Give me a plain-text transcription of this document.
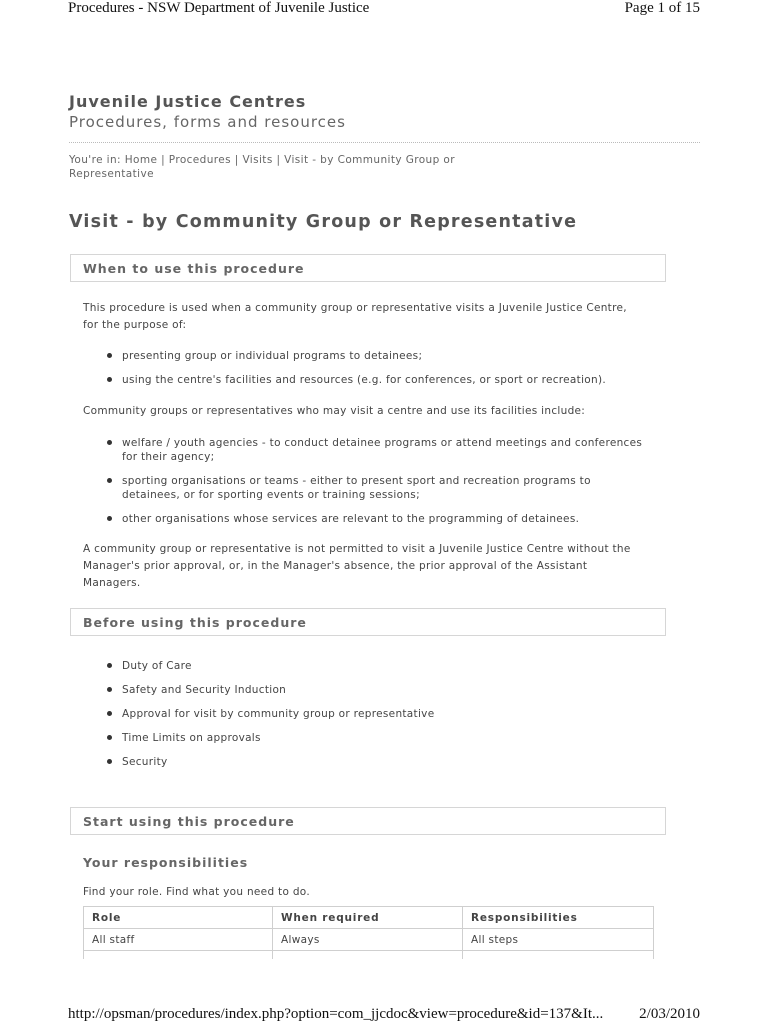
Procedures - NSW Department of Juvenile Justice	Page 1 of 15
Juvenile Justice Centres
Procedures, forms and resources
You're in: Home | Procedures | Visits | Visit - by Community Group or Representative
Visit - by Community Group or Representative
When to use this procedure
This procedure is used when a community group or representative visits a Juvenile Justice Centre, for the purpose of:
presenting group or individual programs to detainees;
using the centre's facilities and resources (e.g. for conferences, or sport or recreation).
Community groups or representatives who may visit a centre and use its facilities include:
welfare / youth agencies - to conduct detainee programs or attend meetings and conferences for their agency;
sporting organisations or teams - either to present sport and recreation programs to detainees, or for sporting events or training sessions;
other organisations whose services are relevant to the programming of detainees.
A community group or representative is not permitted to visit a Juvenile Justice Centre without the Manager's prior approval, or, in the Manager's absence, the prior approval of the Assistant Managers.
Before using this procedure
Duty of Care
Safety and Security Induction
Approval for visit by community group or representative
Time Limits on approvals
Security
Start using this procedure
Your responsibilities
Find your role. Find what you need to do.
Role	When required	Responsibilities
All staff	Always	All steps

http://opsman/procedures/index.php?option=com_jjcdoc&view=procedure&id=137&It... 2/03/2010
